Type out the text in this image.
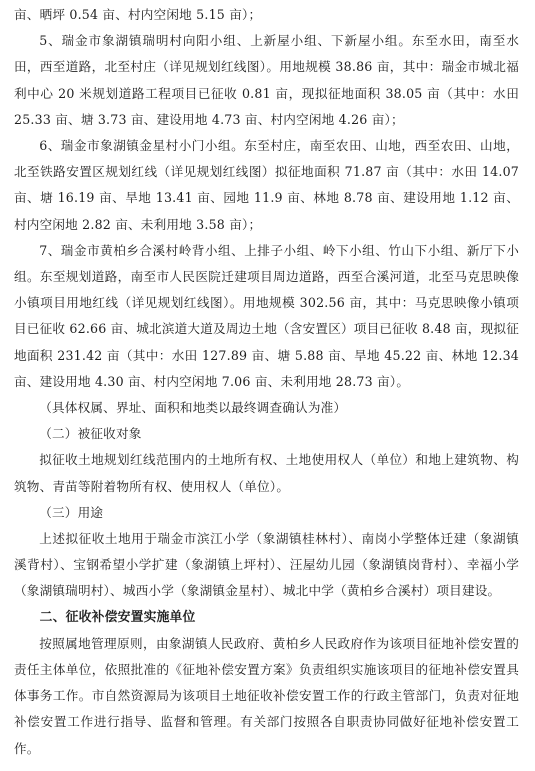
亩、晒坪 0.54 亩、村内空闲地 5.15 亩）；

5、瑞金市象湖镇瑞明村向阳小组、上新屋小组、下新屋小组。东至水田，南至水田，西至道路，北至村庄（详见规划红线图）。用地规模 38.86 亩，其中：瑞金市城北福利中心 20 米规划道路工程项目已征收 0.81 亩，现拟征地面积 38.05 亩（其中：水田 25.33 亩、塘 3.73 亩、建设用地 4.73 亩、村内空闲地 4.26 亩）；

6、瑞金市象湖镇金星村小门小组。东至村庄，南至农田、山地，西至农田、山地，北至铁路安置区规划红线（详见规划红线图）拟征地面积 71.87 亩（其中：水田 14.07 亩、塘 16.19 亩、旱地 13.41 亩、园地 11.9 亩、林地 8.78 亩、建设用地 1.12 亩、村内空闲地 2.82 亩、未利用地 3.58 亩）；

7、瑞金市黄柏乡合溪村岭背小组、上排子小组、岭下小组、竹山下小组、新厅下小组。东至规划道路，南至市人民医院迁建项目周边道路，西至合溪河道，北至马克思映像小镇项目用地红线（详见规划红线图）。用地规模 302.56 亩，其中：马克思映像小镇项目已征收 62.66 亩、城北滨道大道及周边土地（含安置区）项目已征收 8.48 亩，现拟征地面积 231.42 亩（其中：水田 127.89 亩、塘 5.88 亩、旱地 45.22 亩、林地 12.34 亩、建设用地 4.30 亩、村内空闲地 7.06 亩、未利用地 28.73 亩）。

（具体权属、界址、面积和地类以最终调查确认为准）

（二）被征收对象

拟征收土地规划红线范围内的土地所有权、土地使用权人（单位）和地上建筑物、构筑物、青苗等附着物所有权、使用权人（单位）。

（三）用途

上述拟征收土地用于瑞金市滨江小学（象湖镇桂林村）、南岗小学整体迁建（象湖镇溪背村）、宝钢希望小学扩建（象湖镇上坪村）、汪屋幼儿园（象湖镇岗背村）、幸福小学（象湖镇瑞明村）、城西小学（象湖镇金星村）、城北中学（黄柏乡合溪村）项目建设。

二、征收补偿安置实施单位

按照属地管理原则，由象湖镇人民政府、黄柏乡人民政府作为该项目征地补偿安置的责任主体单位，依照批准的《征地补偿安置方案》负责组织实施该项目的征地补偿安置具体事务工作。市自然资源局为该项目土地征收补偿安置工作的行政主管部门，负责对征地补偿安置工作进行指导、监督和管理。有关部门按照各自职责协同做好征地补偿安置工作。
